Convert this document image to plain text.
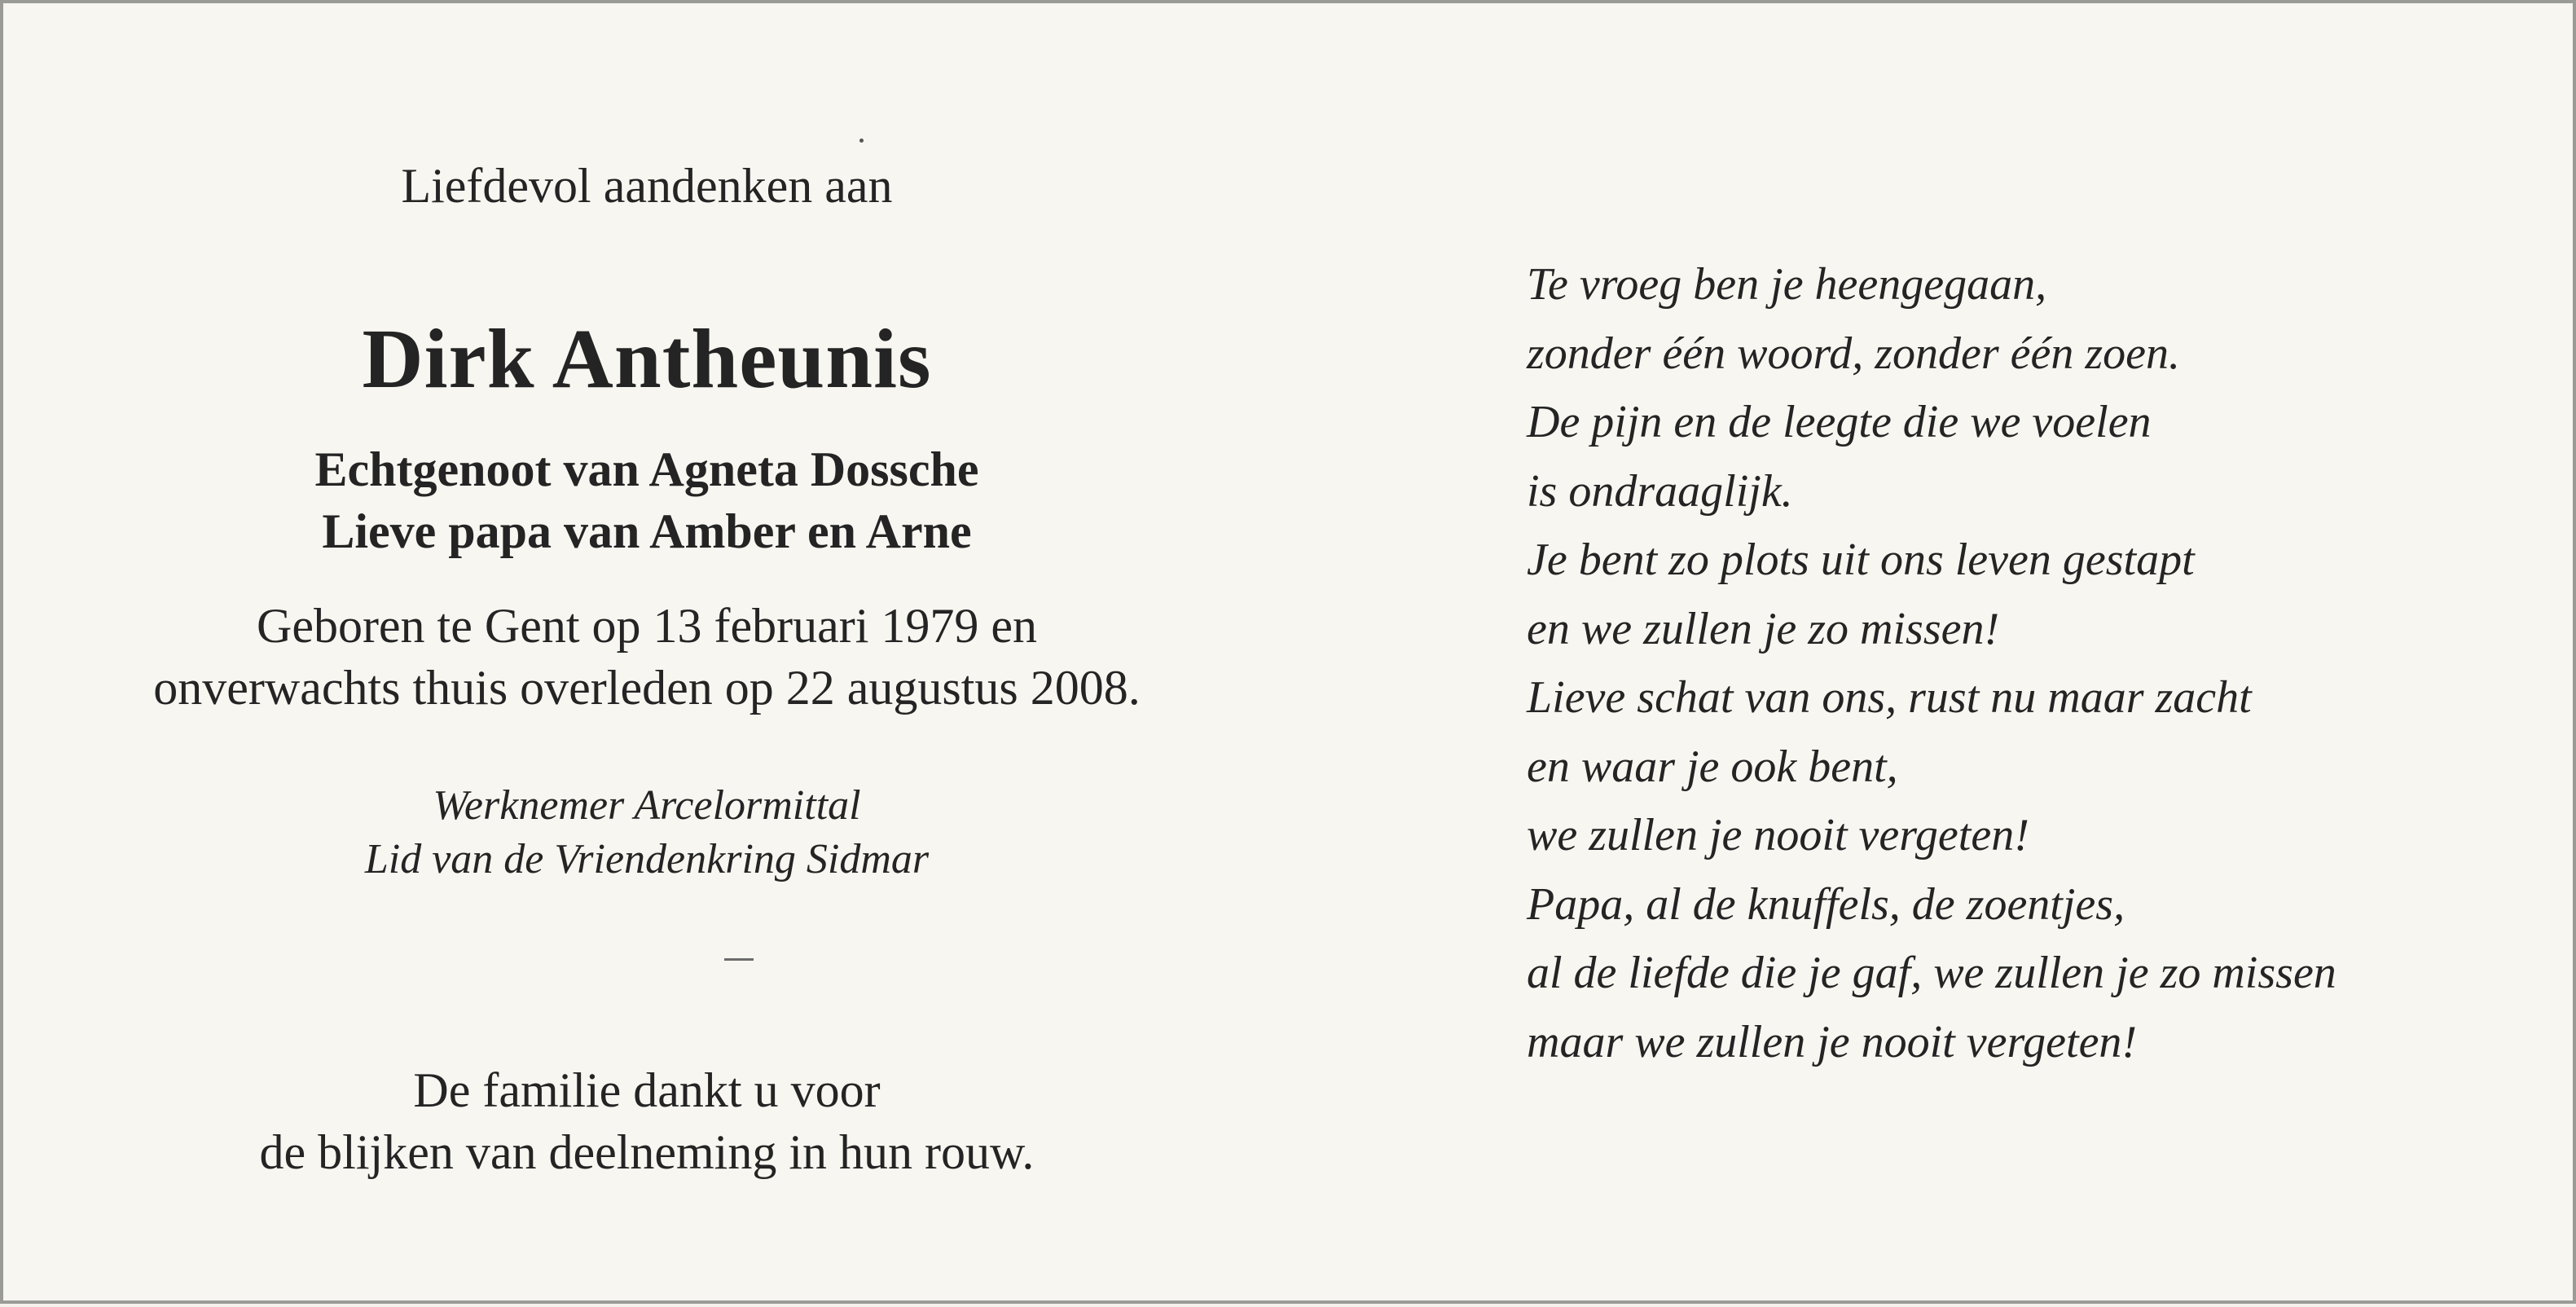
Liefdevol aandenken aan
Dirk Antheunis
Echtgenoot van Agneta Dossche
Lieve papa van Amber en Arne
Geboren te Gent op 13 februari 1979 en
onverwachts thuis overleden op 22 augustus 2008.
Werknemer Arcelormittal
Lid van de Vriendenkring Sidmar
De familie dankt u voor
de blijken van deelneming in hun rouw.
Te vroeg ben je heengegaan,
zonder één woord, zonder één zoen.
De pijn en de leegte die we voelen
is ondraaglijk.
Je bent zo plots uit ons leven gestapt
en we zullen je zo missen!
Lieve schat van ons, rust nu maar zacht
en waar je ook bent,
we zullen je nooit vergeten!
Papa, al de knuffels, de zoentjes,
al de liefde die je gaf, we zullen je zo missen
maar we zullen je nooit vergeten!
